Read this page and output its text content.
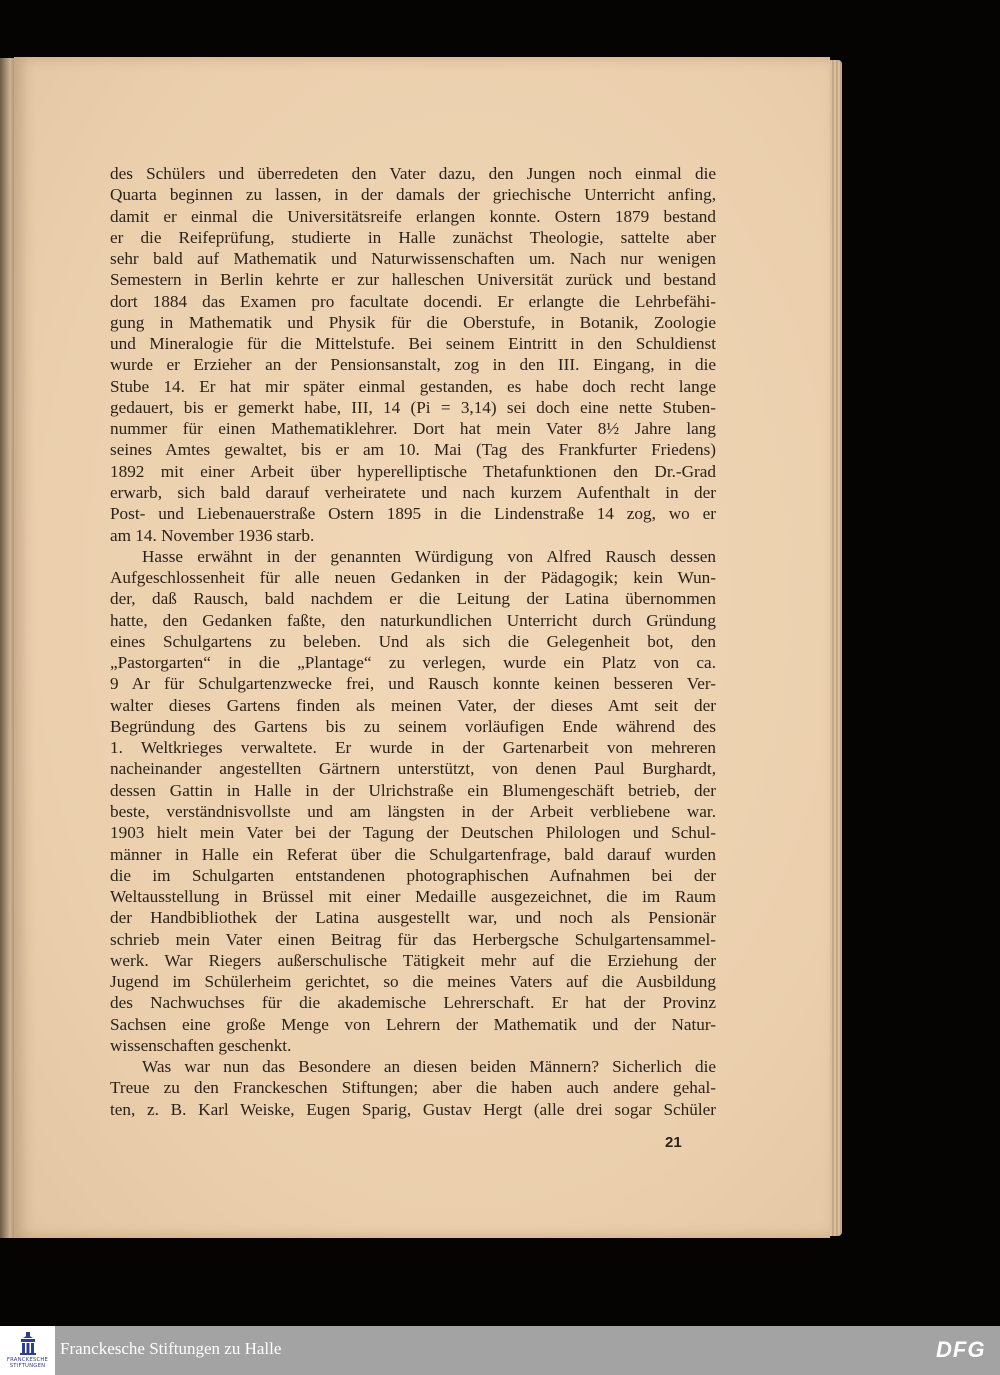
des Schülers und überredeten den Vater dazu, den Jungen noch einmal die
Quarta beginnen zu lassen, in der damals der griechische Unterricht anfing,
damit er einmal die Universitätsreife erlangen konnte. Ostern 1879 bestand
er die Reifeprüfung, studierte in Halle zunächst Theologie, sattelte aber
sehr bald auf Mathematik und Naturwissenschaften um. Nach nur wenigen
Semestern in Berlin kehrte er zur halleschen Universität zurück und bestand
dort 1884 das Examen pro facultate docendi. Er erlangte die Lehrbefähi-
gung in Mathematik und Physik für die Oberstufe, in Botanik, Zoologie
und Mineralogie für die Mittelstufe. Bei seinem Eintritt in den Schuldienst
wurde er Erzieher an der Pensionsanstalt, zog in den III. Eingang, in die
Stube 14. Er hat mir später einmal gestanden, es habe doch recht lange
gedauert, bis er gemerkt habe, III, 14 (Pi = 3,14) sei doch eine nette Stuben-
nummer für einen Mathematiklehrer. Dort hat mein Vater 8½ Jahre lang
seines Amtes gewaltet, bis er am 10. Mai (Tag des Frankfurter Friedens)
1892 mit einer Arbeit über hyperelliptische Thetafunktionen den Dr.-Grad
erwarb, sich bald darauf verheiratete und nach kurzem Aufenthalt in der
Post- und Liebenauerstraße Ostern 1895 in die Lindenstraße 14 zog, wo er
am 14. November 1936 starb.
Hasse erwähnt in der genannten Würdigung von Alfred Rausch dessen
Aufgeschlossenheit für alle neuen Gedanken in der Pädagogik; kein Wun-
der, daß Rausch, bald nachdem er die Leitung der Latina übernommen
hatte, den Gedanken faßte, den naturkundlichen Unterricht durch Gründung
eines Schulgartens zu beleben. Und als sich die Gelegenheit bot, den
„Pastorgarten“ in die „Plantage“ zu verlegen, wurde ein Platz von ca.
9 Ar für Schulgartenzwecke frei, und Rausch konnte keinen besseren Ver-
walter dieses Gartens finden als meinen Vater, der dieses Amt seit der
Begründung des Gartens bis zu seinem vorläufigen Ende während des
1. Weltkrieges verwaltete. Er wurde in der Gartenarbeit von mehreren
nacheinander angestellten Gärtnern unterstützt, von denen Paul Burghardt,
dessen Gattin in Halle in der Ulrichstraße ein Blumengeschäft betrieb, der
beste, verständnisvollste und am längsten in der Arbeit verbliebene war.
1903 hielt mein Vater bei der Tagung der Deutschen Philologen und Schul-
männer in Halle ein Referat über die Schulgartenfrage, bald darauf wurden
die im Schulgarten entstandenen photographischen Aufnahmen bei der
Weltausstellung in Brüssel mit einer Medaille ausgezeichnet, die im Raum
der Handbibliothek der Latina ausgestellt war, und noch als Pensionär
schrieb mein Vater einen Beitrag für das Herbergsche Schulgartensammel-
werk. War Riegers außerschulische Tätigkeit mehr auf die Erziehung der
Jugend im Schülerheim gerichtet, so die meines Vaters auf die Ausbildung
des Nachwuchses für die akademische Lehrerschaft. Er hat der Provinz
Sachsen eine große Menge von Lehrern der Mathematik und der Natur-
wissenschaften geschenkt.
Was war nun das Besondere an diesen beiden Männern? Sicherlich die
Treue zu den Franckeschen Stiftungen; aber die haben auch andere gehal-
ten, z. B. Karl Weiske, Eugen Sparig, Gustav Hergt (alle drei sogar Schüler
21
FRANCKESCHE
STIFTUNGEN
Franckesche Stiftungen zu Halle	DFG
